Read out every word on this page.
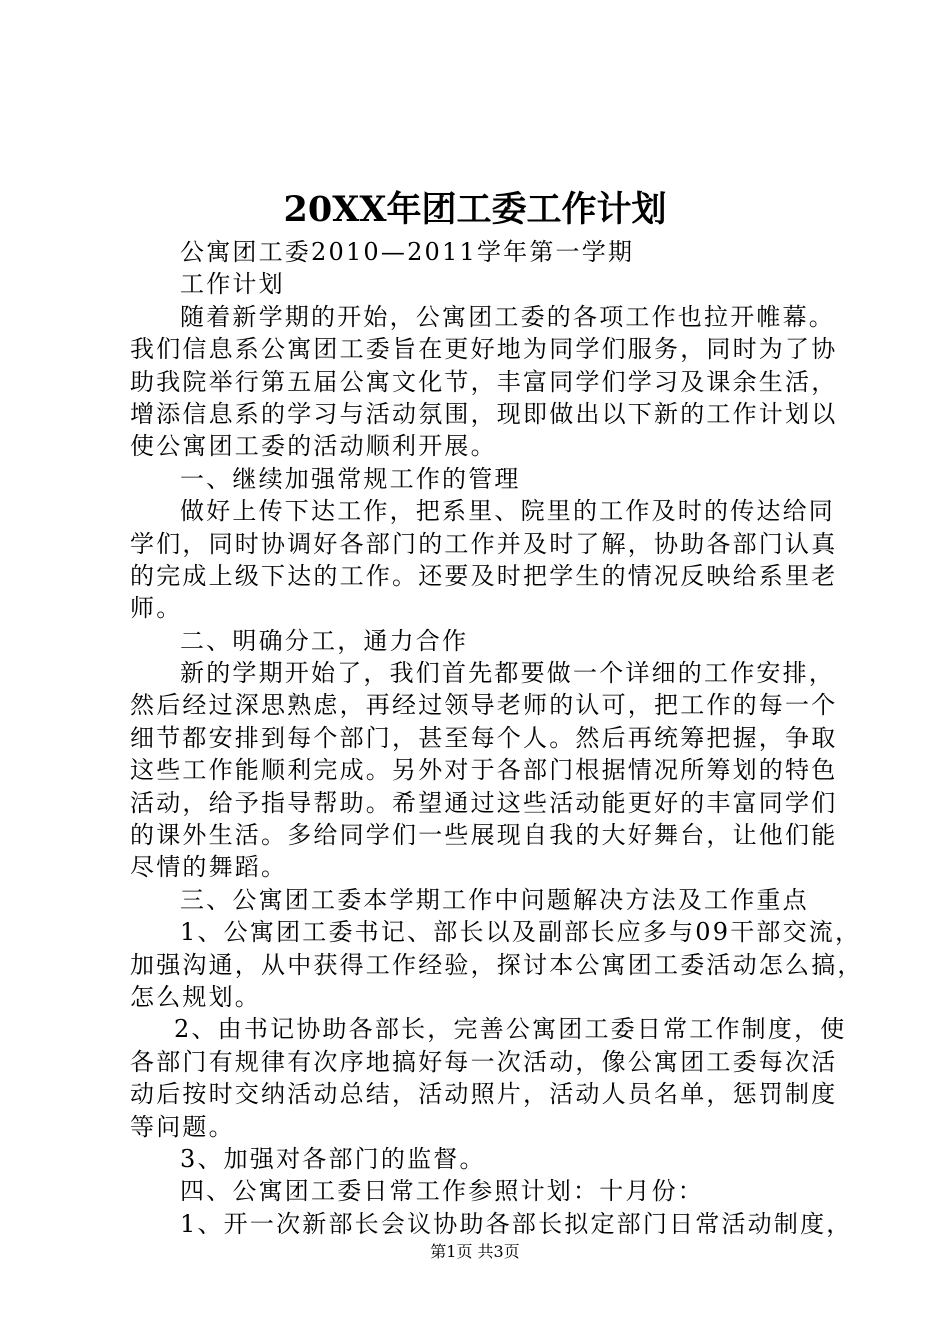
20XX年团工委工作计划
公寓团工委2010—2011学年第一学期
工作计划
随着新学期的开始，公寓团工委的各项工作也拉开帷幕。
我们信息系公寓团工委旨在更好地为同学们服务，同时为了协
助我院举行第五届公寓文化节，丰富同学们学习及课余生活，
增添信息系的学习与活动氛围，现即做出以下新的工作计划以
使公寓团工委的活动顺利开展。
一、继续加强常规工作的管理
做好上传下达工作，把系里、院里的工作及时的传达给同
学们，同时协调好各部门的工作并及时了解，协助各部门认真
的完成上级下达的工作。还要及时把学生的情况反映给系里老
师。
二、明确分工，通力合作
新的学期开始了，我们首先都要做一个详细的工作安排，
然后经过深思熟虑，再经过领导老师的认可，把工作的每一个
细节都安排到每个部门，甚至每个人。然后再统筹把握，争取
这些工作能顺利完成。另外对于各部门根据情况所筹划的特色
活动，给予指导帮助。希望通过这些活动能更好的丰富同学们
的课外生活。多给同学们一些展现自我的大好舞台，让他们能
尽情的舞蹈。
三、公寓团工委本学期工作中问题解决方法及工作重点
1、公寓团工委书记、部长以及副部长应多与09干部交流，
加强沟通，从中获得工作经验，探讨本公寓团工委活动怎么搞，
怎么规划。
2、由书记协助各部长，完善公寓团工委日常工作制度，使
各部门有规律有次序地搞好每一次活动，像公寓团工委每次活
动后按时交纳活动总结，活动照片，活动人员名单，惩罚制度
等问题。
3、加强对各部门的监督。
四、公寓团工委日常工作参照计划：十月份：
1、开一次新部长会议协助各部长拟定部门日常活动制度，
第1页 共3页
